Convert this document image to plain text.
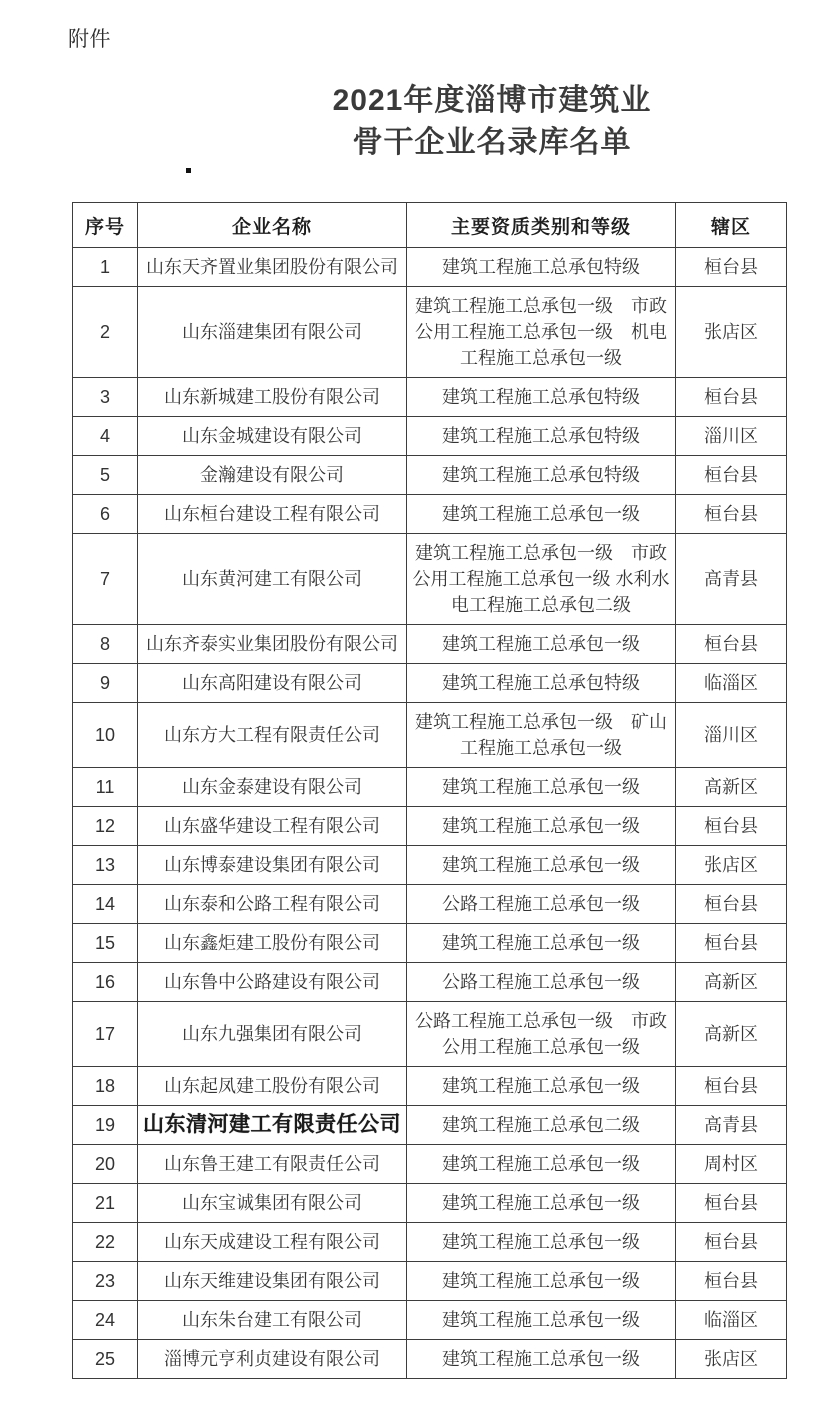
附件
2021年度淄博市建筑业
骨干企业名录库名单
序号	企业名称	主要资质类别和等级	辖区
1	山东天齐置业集团股份有限公司	建筑工程施工总承包特级	桓台县
2	山东淄建集团有限公司	建筑工程施工总承包一级　市政公用工程施工总承包一级　机电工程施工总承包一级	张店区
3	山东新城建工股份有限公司	建筑工程施工总承包特级	桓台县
4	山东金城建设有限公司	建筑工程施工总承包特级	淄川区
5	金瀚建设有限公司	建筑工程施工总承包特级	桓台县
6	山东桓台建设工程有限公司	建筑工程施工总承包一级	桓台县
7	山东黄河建工有限公司	建筑工程施工总承包一级　市政公用工程施工总承包一级 水利水电工程施工总承包二级	高青县
8	山东齐泰实业集团股份有限公司	建筑工程施工总承包一级	桓台县
9	山东高阳建设有限公司	建筑工程施工总承包特级	临淄区
10	山东方大工程有限责任公司	建筑工程施工总承包一级　矿山工程施工总承包一级	淄川区
11	山东金泰建设有限公司	建筑工程施工总承包一级	高新区
12	山东盛华建设工程有限公司	建筑工程施工总承包一级	桓台县
13	山东博泰建设集团有限公司	建筑工程施工总承包一级	张店区
14	山东泰和公路工程有限公司	公路工程施工总承包一级	桓台县
15	山东鑫炬建工股份有限公司	建筑工程施工总承包一级	桓台县
16	山东鲁中公路建设有限公司	公路工程施工总承包一级	高新区
17	山东九强集团有限公司	公路工程施工总承包一级　市政公用工程施工总承包一级	高新区
18	山东起凤建工股份有限公司	建筑工程施工总承包一级	桓台县
19	山东清河建工有限责任公司	建筑工程施工总承包二级	高青县
20	山东鲁王建工有限责任公司	建筑工程施工总承包一级	周村区
21	山东宝诚集团有限公司	建筑工程施工总承包一级	桓台县
22	山东天成建设工程有限公司	建筑工程施工总承包一级	桓台县
23	山东天维建设集团有限公司	建筑工程施工总承包一级	桓台县
24	山东朱台建工有限公司	建筑工程施工总承包一级	临淄区
25	淄博元亨利贞建设有限公司	建筑工程施工总承包一级	张店区
